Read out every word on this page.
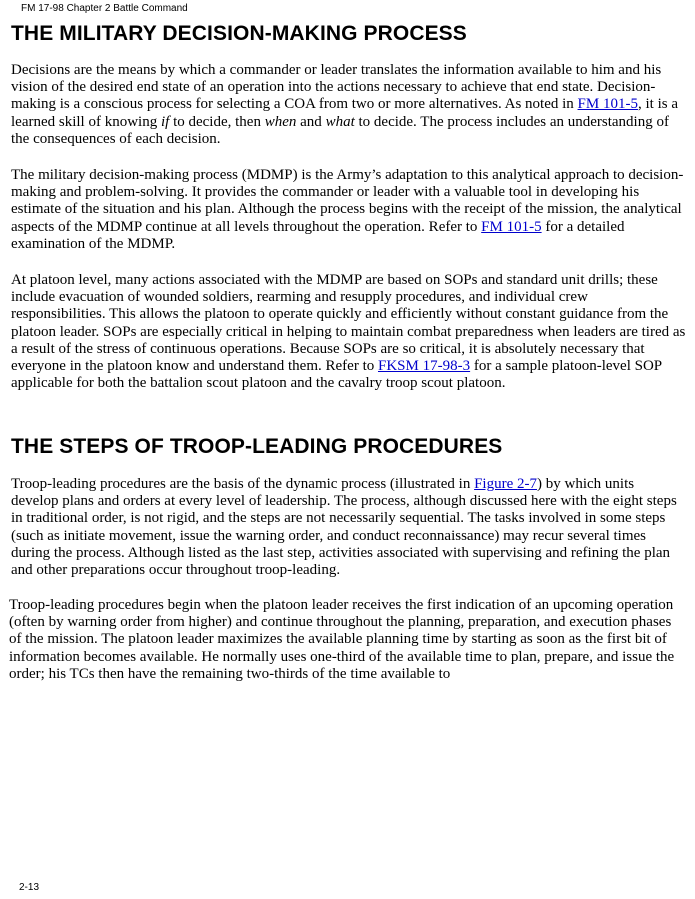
FM 17-98 Chapter 2 Battle Command
THE MILITARY DECISION-MAKING PROCESS

Decisions are the means by which a commander or leader translates the information available to him and his vision of the desired end state of an operation into the actions necessary to achieve that end state. Decision-making is a conscious process for selecting a COA from two or more alternatives. As noted in FM 101-5, it is a learned skill of knowing if to decide, then when and what to decide. The process includes an understanding of the consequences of each decision.

The military decision-making process (MDMP) is the Army’s adaptation to this analytical approach to decision-making and problem-solving. It provides the commander or leader with a valuable tool in developing his estimate of the situation and his plan. Although the process begins with the receipt of the mission, the analytical aspects of the MDMP continue at all levels throughout the operation. Refer to FM 101-5 for a detailed examination of the MDMP.

At platoon level, many actions associated with the MDMP are based on SOPs and standard unit drills; these include evacuation of wounded soldiers, rearming and resupply procedures, and individual crew responsibilities. This allows the platoon to operate quickly and efficiently without constant guidance from the platoon leader. SOPs are especially critical in helping to maintain combat preparedness when leaders are tired as a result of the stress of continuous operations. Because SOPs are so critical, it is absolutely necessary that everyone in the platoon know and understand them. Refer to FKSM 17-98-3 for a sample platoon-level SOP applicable for both the battalion scout platoon and the cavalry troop scout platoon.

THE STEPS OF TROOP-LEADING PROCEDURES

Troop-leading procedures are the basis of the dynamic process (illustrated in Figure 2-7) by which units develop plans and orders at every level of leadership. The process, although discussed here with the eight steps in traditional order, is not rigid, and the steps are not necessarily sequential. The tasks involved in some steps (such as initiate movement, issue the warning order, and conduct reconnaissance) may recur several times during the process. Although listed as the last step, activities associated with supervising and refining the plan and other preparations occur throughout troop-leading.

Troop-leading procedures begin when the platoon leader receives the first indication of an upcoming operation (often by warning order from higher) and continue throughout the planning, preparation, and execution phases of the mission. The platoon leader maximizes the available planning time by starting as soon as the first bit of information becomes available. He normally uses one-third of the available time to plan, prepare, and issue the order; his TCs then have the remaining two-thirds of the time available to

2-13
